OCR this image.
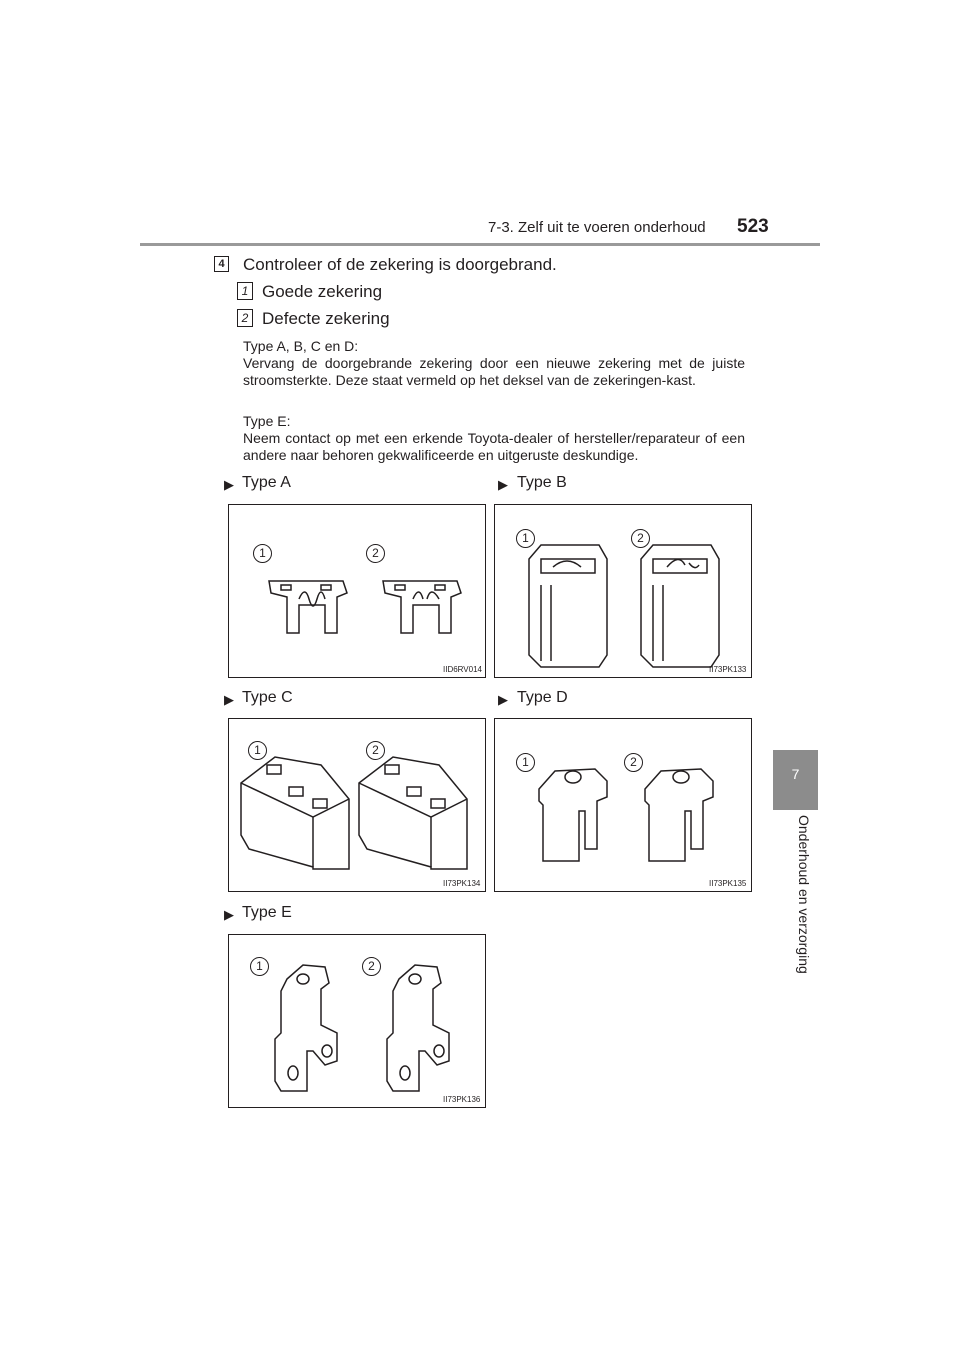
7-3. Zelf uit te voeren onderhoud 523
7
Onderhoud en verzorging
4 Controleer of de zekering is doorgebrand.
1 Goede zekering
2 Defecte zekering
Type A, B, C en D:
Vervang de doorgebrande zekering door een nieuwe zekering met de juiste stroomsterkte. Deze staat vermeld op het deksel van de zekeringen-kast.
Type E:
Neem contact op met een erkende Toyota-dealer of hersteller/reparateur of een andere naar behoren gekwalificeerde en uitgeruste deskundige.
▶ Type A
1	2
IID6RV014
▶ Type B
1	2
II73PK133
▶ Type C
1	2
II73PK134
▶ Type D
1	2
II73PK135
▶ Type E
1	2
II73PK136
